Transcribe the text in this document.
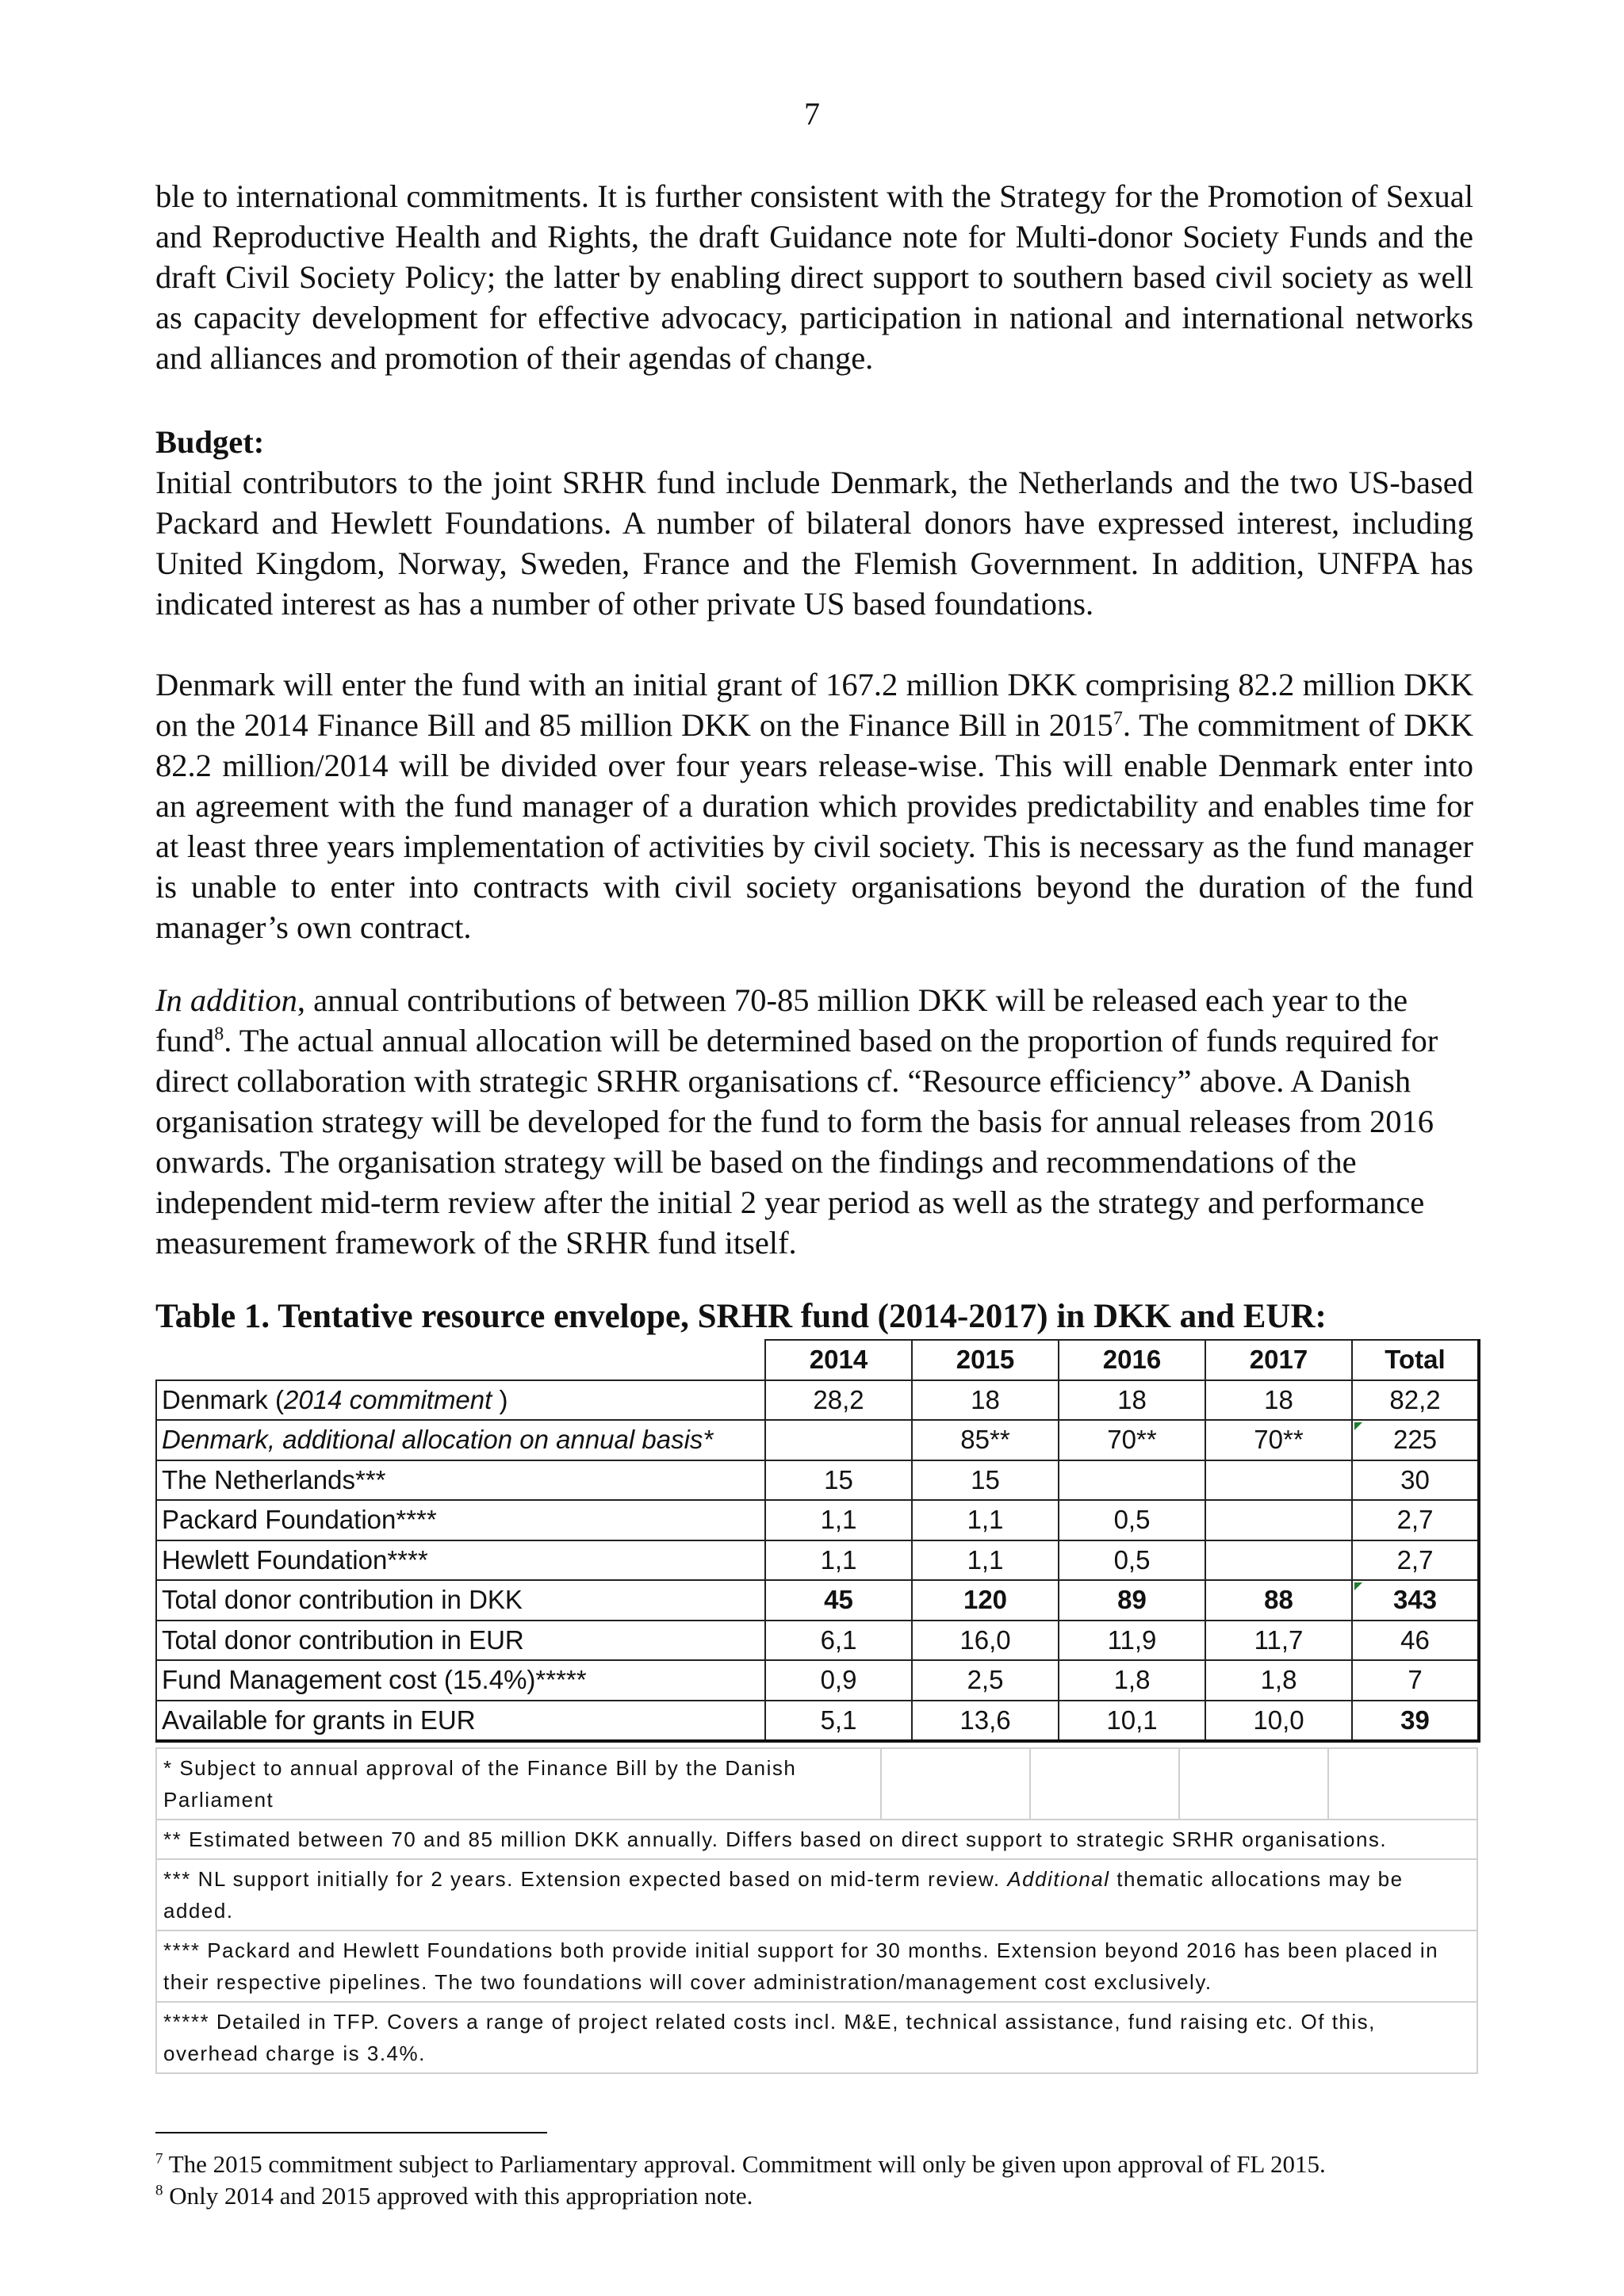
7

ble to international commitments. It is further consistent with the Strategy for the Promotion of Sexual and Reproductive Health and Rights, the draft Guidance note for Multi-donor Society Funds and the draft Civil Society Policy; the latter by enabling direct support to southern based civil society as well as capacity development for effective advocacy, participation in national and international networks and alliances and promotion of their agendas of change.

Budget:

Initial contributors to the joint SRHR fund include Denmark, the Netherlands and the two US-based Packard and Hewlett Foundations. A number of bilateral donors have expressed interest, including United Kingdom, Norway, Sweden, France and the Flemish Government. In addition, UNFPA has indicated interest as has a number of other private US based foundations.

Denmark will enter the fund with an initial grant of 167.2 million DKK comprising 82.2 million DKK on the 2014 Finance Bill and 85 million DKK on the Finance Bill in 2015$^7$. The commitment of DKK 82.2 million/2014 will be divided over four years release-wise. This will enable Denmark enter into an agreement with the fund manager of a duration which provides predictability and enables time for at least three years implementation of activities by civil society. This is necessary as the fund manager is unable to enter into contracts with civil society organisations beyond the duration of the fund manager’s own contract.

In addition, annual contributions of between 70-85 million DKK will be released each year to the fund$^8$. The actual annual allocation will be determined based on the proportion of funds required for direct collaboration with strategic SRHR organisations cf. “Resource efficiency” above. A Danish organisation strategy will be developed for the fund to form the basis for annual releases from 2016 onwards. The organisation strategy will be based on the findings and recommendations of the independent mid-term review after the initial 2 year period as well as the strategy and performance measurement framework of the SRHR fund itself.

Table 1. Tentative resource envelope, SRHR fund (2014-2017) in DKK and EUR:
	2014	2015	2016	2017	Total
Denmark (2014 commitment )	28,2	18	18	18	82,2
Denmark, additional allocation on annual basis*		85**	70**	70**	225
The Netherlands***	15	15			30
Packard Foundation****	1,1	1,1	0,5		2,7
Hewlett Foundation****	1,1	1,1	0,5		2,7
Total donor contribution in DKK	45	120	89	88	343
Total donor contribution in EUR	6,1	16,0	11,9	11,7	46
Fund Management cost (15.4%)*****	0,9	2,5	1,8	1,8	7
Available for grants in EUR	5,1	13,6	10,1	10,0	39
* Subject to annual approval of the Finance Bill by the Danish Parliament				
** Estimated between 70 and 85 million DKK annually. Differs based on direct support to strategic SRHR organisations.
*** NL support initially for 2 years. Extension expected based on mid-term review. Additional thematic allocations may be added.
**** Packard and Hewlett Foundations both provide initial support for 30 months. Extension beyond 2016 has been placed in their respective pipelines. The two foundations will cover administration/management cost exclusively.
***** Detailed in TFP. Covers a range of project related costs incl. M&E, technical assistance, fund raising etc. Of this, overhead charge is 3.4%.

$^7$ The 2015 commitment subject to Parliamentary approval. Commitment will only be given upon approval of FL 2015.

$^8$ Only 2014 and 2015 approved with this appropriation note.
